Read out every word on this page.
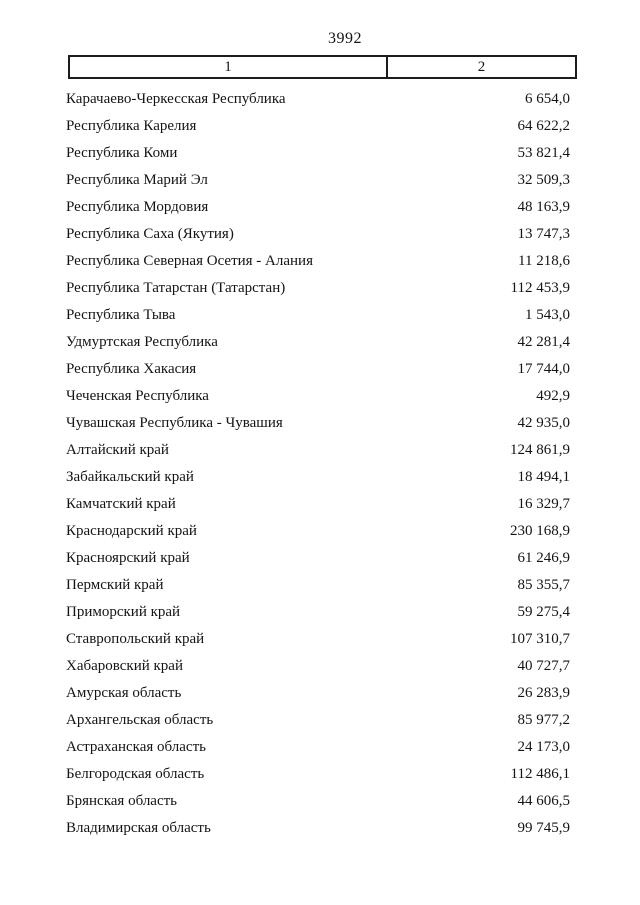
3992
1	2
Карачаево-Черкесская Республика	6 654,0
Республика Карелия	64 622,2
Республика Коми	53 821,4
Республика Марий Эл	32 509,3
Республика Мордовия	48 163,9
Республика Саха (Якутия)	13 747,3
Республика Северная Осетия - Алания	11 218,6
Республика Татарстан (Татарстан)	112 453,9
Республика Тыва	1 543,0
Удмуртская Республика	42 281,4
Республика Хакасия	17 744,0
Чеченская Республика	492,9
Чувашская Республика - Чувашия	42 935,0
Алтайский край	124 861,9
Забайкальский край	18 494,1
Камчатский край	16 329,7
Краснодарский край	230 168,9
Красноярский край	61 246,9
Пермский край	85 355,7
Приморский край	59 275,4
Ставропольский край	107 310,7
Хабаровский край	40 727,7
Амурская область	26 283,9
Архангельская область	85 977,2
Астраханская область	24 173,0
Белгородская область	112 486,1
Брянская область	44 606,5
Владимирская область	99 745,9
